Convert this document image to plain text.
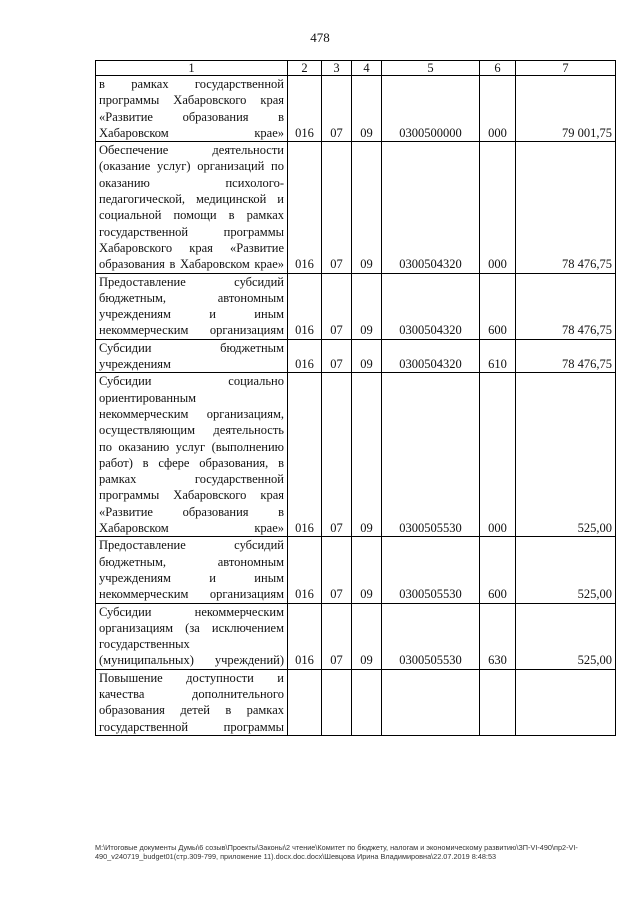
478
1	2	3	4	5	6	7
в рамках государственной программы Хабаровского края «Развитие образования в Хабаровском крае»	016	07	09	0300500000	000	79 001,75
Обеспечение деятельности (оказание услуг) организаций по оказанию психолого-педагогической, медицинской и социальной помощи в рамках государственной программы Хабаровского края «Развитие образования в Хабаровском крае»	016	07	09	0300504320	000	78 476,75
Предоставление субсидий бюджетным, автономным учреждениям и иным некоммерческим организациям	016	07	09	0300504320	600	78 476,75
Субсидии бюджетным учреждениям	016	07	09	0300504320	610	78 476,75
Субсидии социально ориентированным некоммерческим организациям, осуществляющим деятельность по оказанию услуг (выполнению работ) в сфере образования, в рамках государственной программы Хабаровского края «Развитие образования в Хабаровском крае»	016	07	09	0300505530	000	525,00
Предоставление субсидий бюджетным, автономным учреждениям и иным некоммерческим организациям	016	07	09	0300505530	600	525,00
Субсидии некоммерческим организациям (за исключением государственных (муниципальных) учреждений)	016	07	09	0300505530	630	525,00
Повышение доступности и качества дополнительного образования детей в рамках государственной программы						
M:\Итоговые документы Думы\6 созыв\Проекты\Законы\2 чтение\Комитет по бюджету, налогам и экономическому развитию\ЗП-VI-490\пр2-VI-490_v240719_budget01(стр.309-799, приложение 11).docx.doc.docx\Шевцова Ирина Владимировна\22.07.2019 8:48:53
